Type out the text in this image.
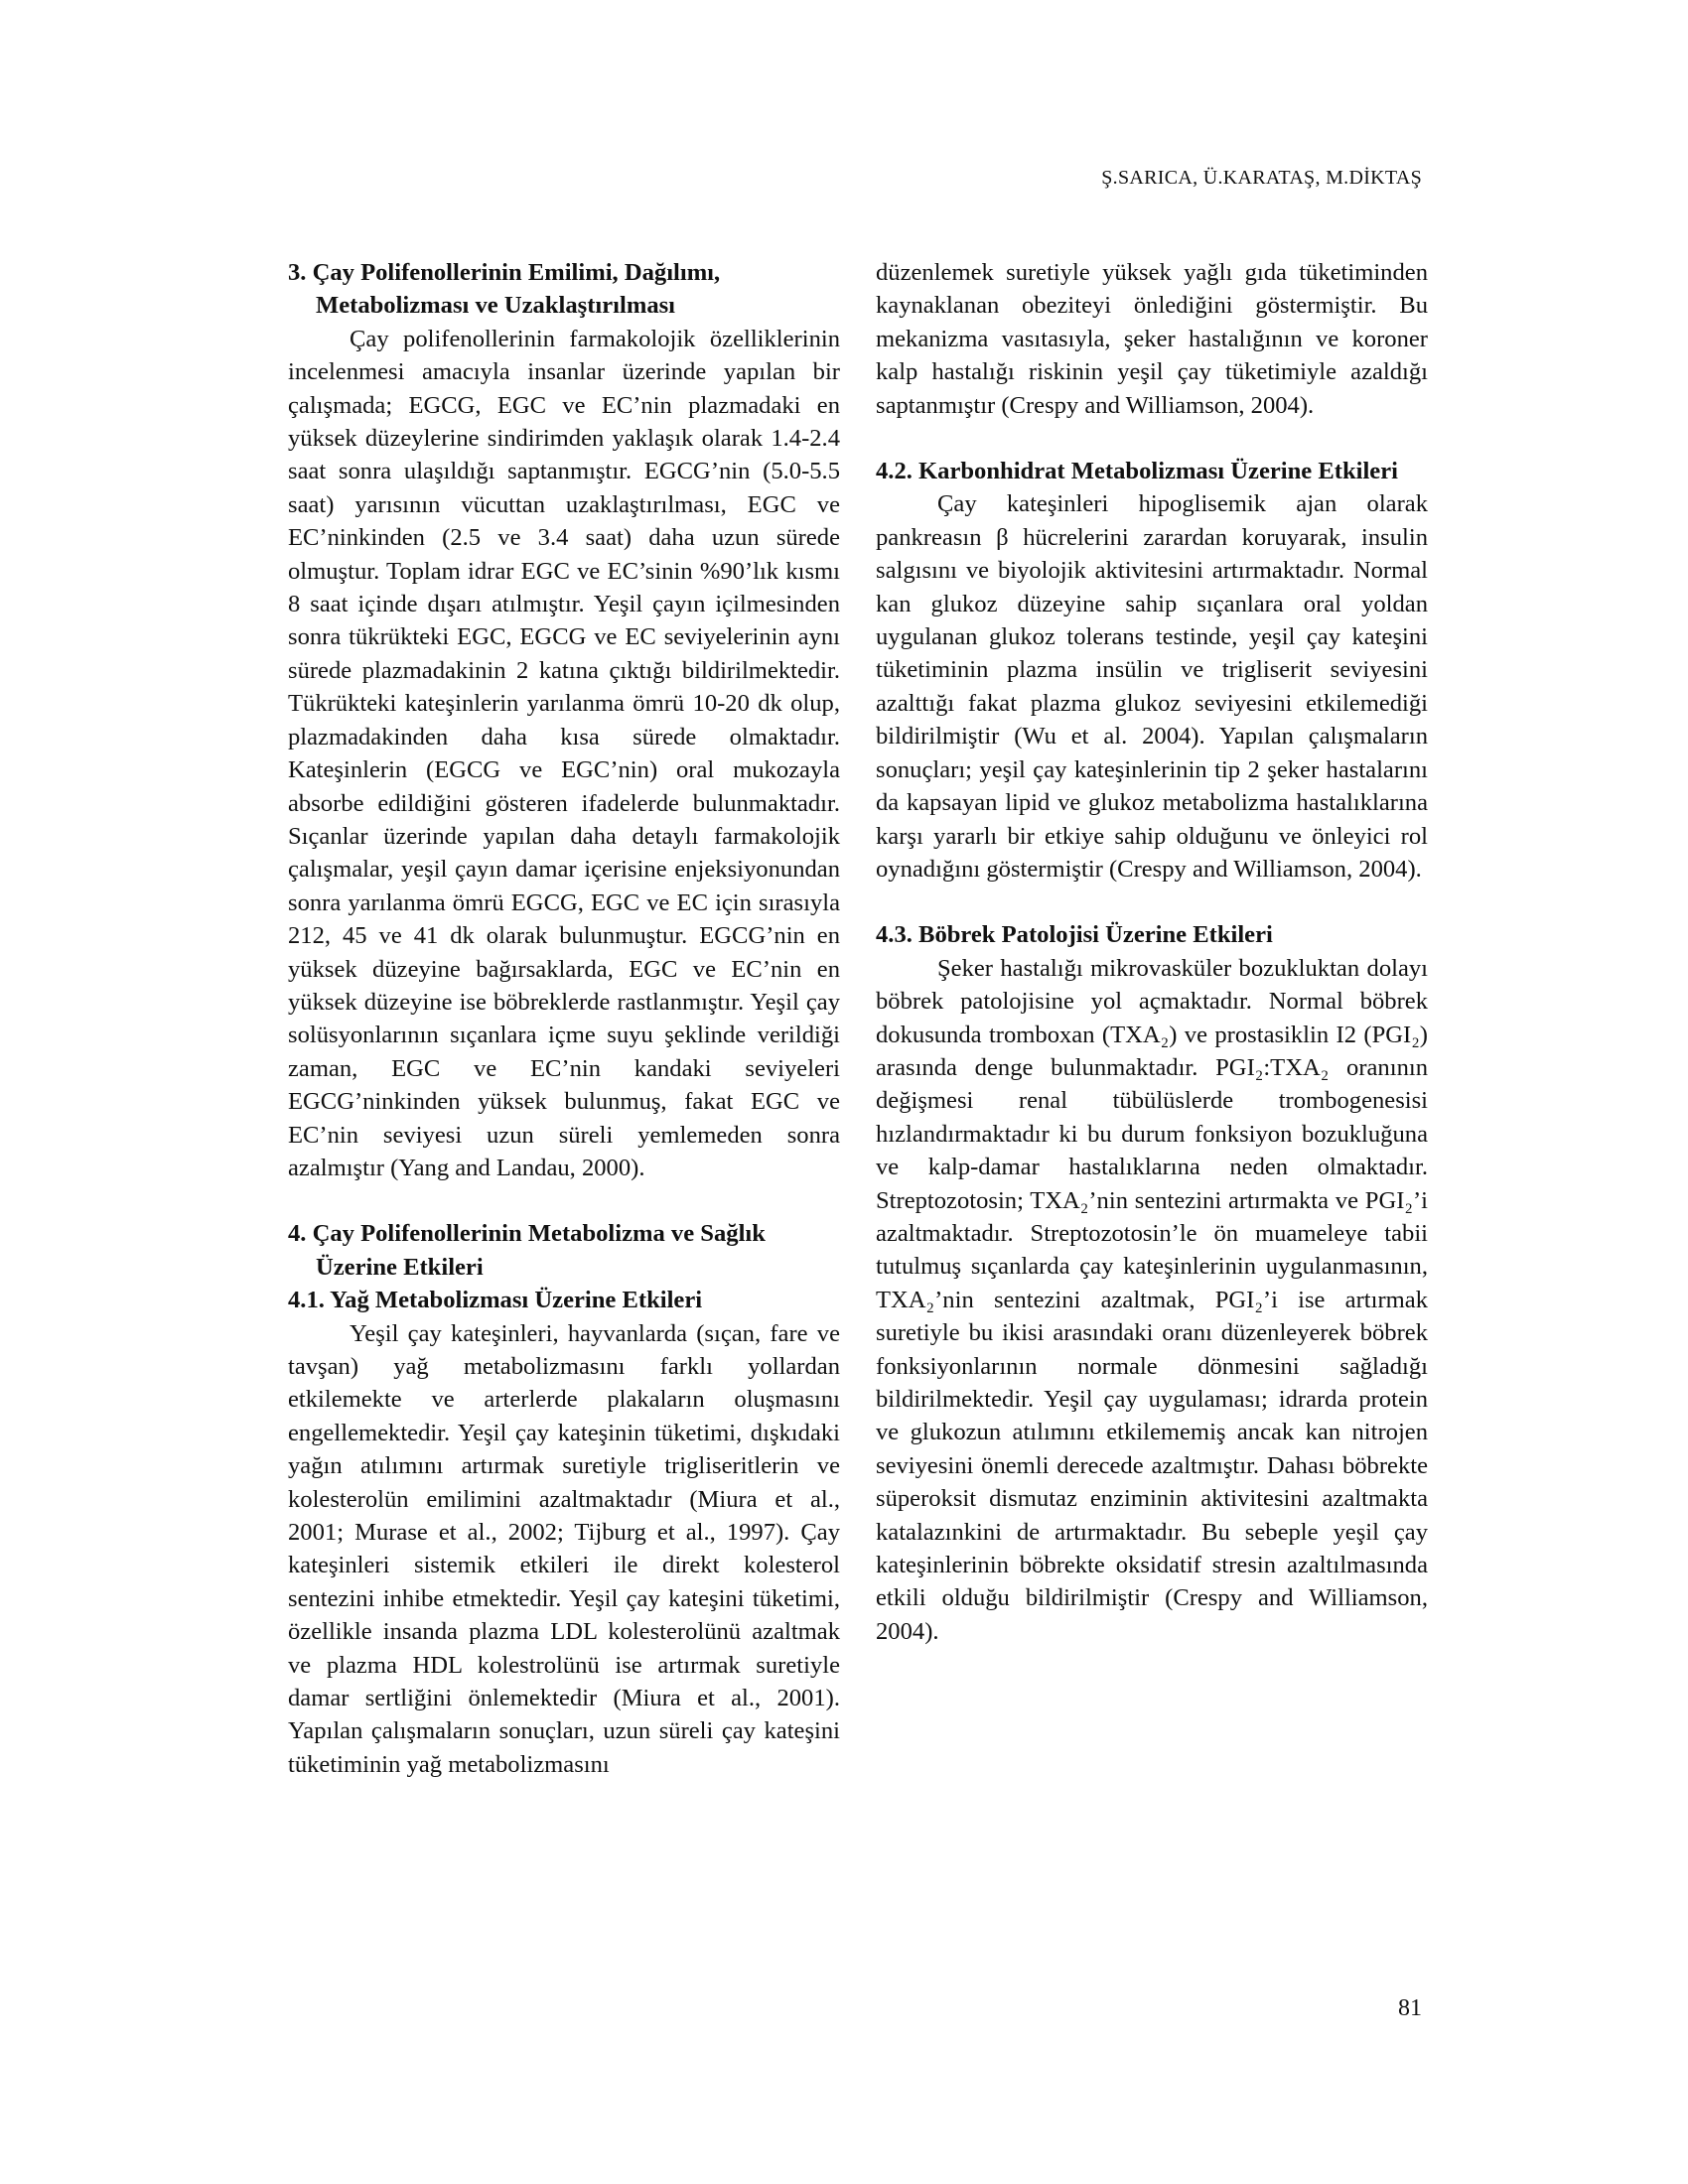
Ş.SARICA, Ü.KARATAŞ, M.DİKTAŞ
3. Çay Polifenollerinin Emilimi, Dağılımı, Metabolizması ve Uzaklaştırılması

Çay polifenollerinin farmakolojik özelliklerinin incelenmesi amacıyla insanlar üzerinde yapılan bir çalışmada; EGCG, EGC ve EC’nin plazmadaki en yüksek düzeylerine sindirimden yaklaşık olarak 1.4-2.4 saat sonra ulaşıldığı saptanmıştır. EGCG’nin (5.0-5.5 saat) yarısının vücuttan uzaklaştırılması, EGC ve EC’ninkinden (2.5 ve 3.4 saat) daha uzun sürede olmuştur. Toplam idrar EGC ve EC’sinin %90’lık kısmı 8 saat içinde dışarı atılmıştır. Yeşil çayın içilmesinden sonra tükrükteki EGC, EGCG ve EC seviyelerinin aynı sürede plazmadakinin 2 katına çıktığı bildirilmektedir. Tükrükteki kateşinlerin yarılanma ömrü 10-20 dk olup, plazmadakinden daha kısa sürede olmaktadır. Kateşinlerin (EGCG ve EGC’nin) oral mukozayla absorbe edildiğini gösteren ifadelerde bulunmaktadır. Sıçanlar üzerinde yapılan daha detaylı farmakolojik çalışmalar, yeşil çayın damar içerisine enjeksiyonundan sonra yarılanma ömrü EGCG, EGC ve EC için sırasıyla 212, 45 ve 41 dk olarak bulunmuştur. EGCG’nin en yüksek düzeyine bağırsaklarda, EGC ve EC’nin en yüksek düzeyine ise böbreklerde rastlanmıştır. Yeşil çay solüsyonlarının sıçanlara içme suyu şeklinde verildiği zaman, EGC ve EC’nin kandaki seviyeleri EGCG’ninkinden yüksek bulunmuş, fakat EGC ve EC’nin seviyesi uzun süreli yemlemeden sonra azalmıştır (Yang and Landau, 2000).

4. Çay Polifenollerinin Metabolizma ve Sağlık Üzerine Etkileri
4.1. Yağ Metabolizması Üzerine Etkileri

Yeşil çay kateşinleri, hayvanlarda (sıçan, fare ve tavşan) yağ metabolizmasını farklı yollardan etkilemekte ve arterlerde plakaların oluşmasını engellemektedir. Yeşil çay kateşinin tüketimi, dışkıdaki yağın atılımını artırmak suretiyle trigliseritlerin ve kolesterolün emilimini azaltmaktadır (Miura et al., 2001; Murase et al., 2002; Tijburg et al., 1997). Çay kateşinleri sistemik etkileri ile direkt kolesterol sentezini inhibe etmektedir. Yeşil çay kateşini tüketimi, özellikle insanda plazma LDL kolesterolünü azaltmak ve plazma HDL kolestrolünü ise artırmak suretiyle damar sertliğini önlemektedir (Miura et al., 2001). Yapılan çalışmaların sonuçları, uzun süreli çay kateşini tüketiminin yağ metabolizmasını

düzenlemek suretiyle yüksek yağlı gıda tüketiminden kaynaklanan obeziteyi önlediğini göstermiştir. Bu mekanizma vasıtasıyla, şeker hastalığının ve koroner kalp hastalığı riskinin yeşil çay tüketimiyle azaldığı saptanmıştır (Crespy and Williamson, 2004).

4.2. Karbonhidrat Metabolizması Üzerine Etkileri

Çay kateşinleri hipoglisemik ajan olarak pankreasın β hücrelerini zarardan koruyarak, insulin salgısını ve biyolojik aktivitesini artırmaktadır. Normal kan glukoz düzeyine sahip sıçanlara oral yoldan uygulanan glukoz tolerans testinde, yeşil çay kateşini tüketiminin plazma insülin ve trigliserit seviyesini azalttığı fakat plazma glukoz seviyesini etkilemediği bildirilmiştir (Wu et al. 2004). Yapılan çalışmaların sonuçları; yeşil çay kateşinlerinin tip 2 şeker hastalarını da kapsayan lipid ve glukoz metabolizma hastalıklarına karşı yararlı bir etkiye sahip olduğunu ve önleyici rol oynadığını göstermiştir (Crespy and Williamson, 2004).

4.3. Böbrek Patolojisi Üzerine Etkileri

Şeker hastalığı mikrovasküler bozukluktan dolayı böbrek patolojisine yol açmaktadır. Normal böbrek dokusunda tromboxan (TXA₂) ve prostasiklin I2 (PGI₂) arasında denge bulunmaktadır. PGI₂:TXA₂ oranının değişmesi renal tübülüslerde trombogenesisi hızlandırmaktadır ki bu durum fonksiyon bozukluğuna ve kalp-damar hastalıklarına neden olmaktadır. Streptozotosin; TXA₂’nin sentezini artırmakta ve PGI₂’i azaltmaktadır. Streptozotosin’le ön muameleye tabii tutulmuş sıçanlarda çay kateşinlerinin uygulanmasının, TXA₂’nin sentezini azaltmak, PGI₂’i ise artırmak suretiyle bu ikisi arasındaki oranı düzenleyerek böbrek fonksiyonlarının normale dönmesini sağladığı bildirilmektedir. Yeşil çay uygulaması; idrarda protein ve glukozun atılımını etkilememiş ancak kan nitrojen seviyesini önemli derecede azaltmıştır. Dahası böbrekte süperoksit dismutaz enziminin aktivitesini azaltmakta katalazınkini de artırmaktadır. Bu sebeple yeşil çay kateşinlerinin böbrekte oksidatif stresin azaltılmasında etkili olduğu bildirilmiştir (Crespy and Williamson, 2004).

81
